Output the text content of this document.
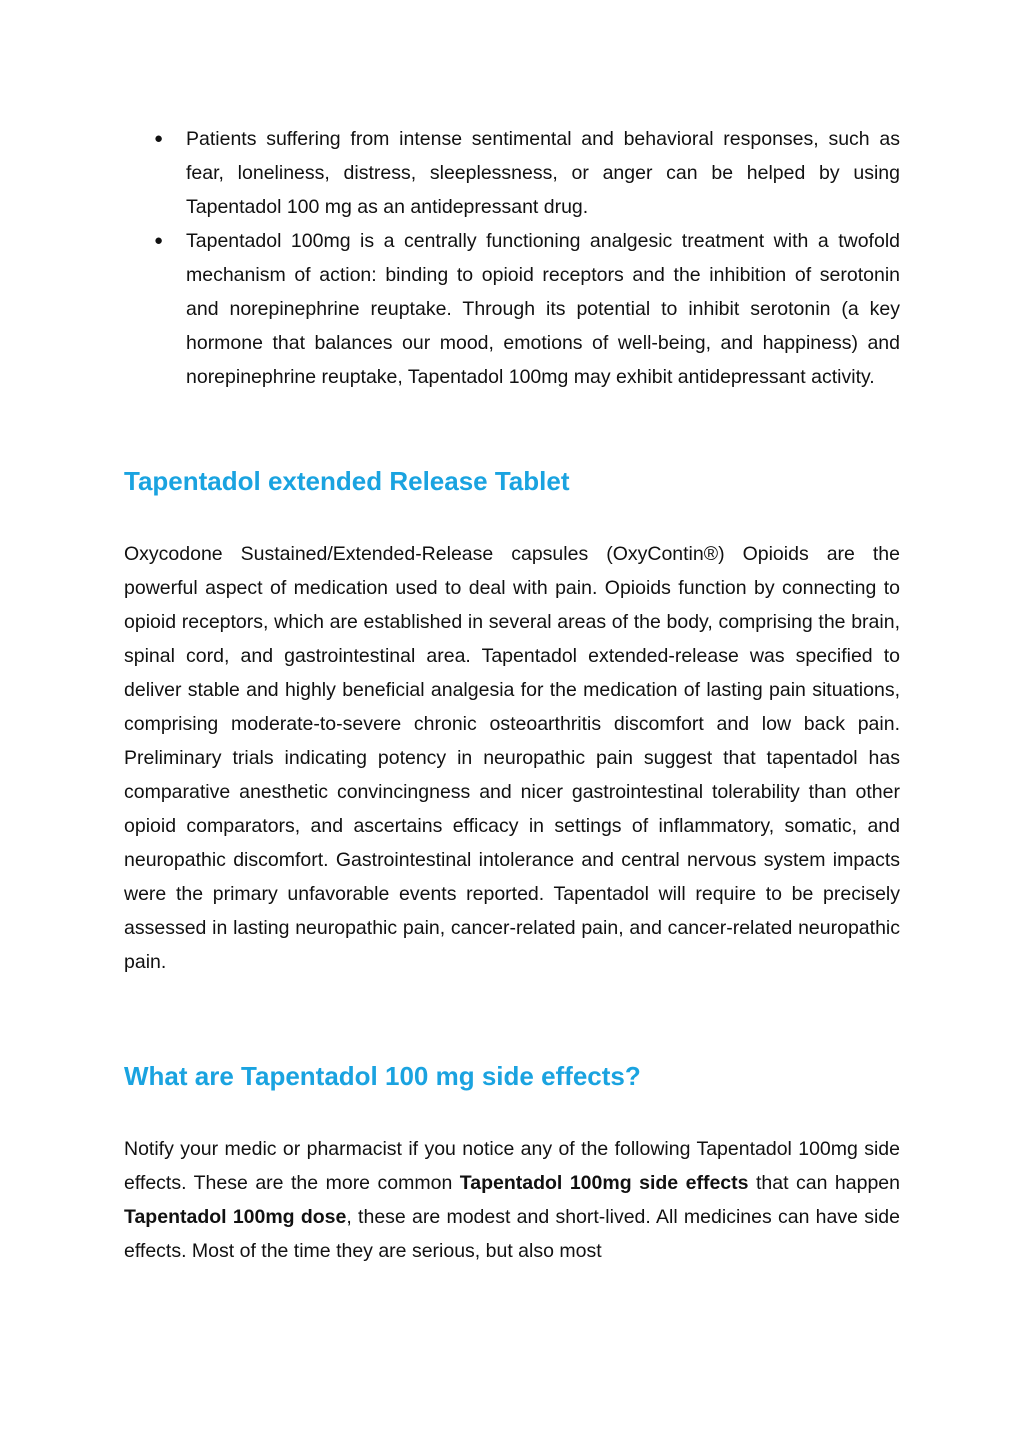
● Patients suffering from intense sentimental and behavioral responses, such as fear, loneliness, distress, sleeplessness, or anger can be helped by using Tapentadol 100 mg as an antidepressant drug.
● Tapentadol 100mg is a centrally functioning analgesic treatment with a twofold mechanism of action: binding to opioid receptors and the inhibition of serotonin and norepinephrine reuptake. Through its potential to inhibit serotonin (a key hormone that balances our mood, emotions of well-being, and happiness) and norepinephrine reuptake, Tapentadol 100mg may exhibit antidepressant activity.
Tapentadol extended Release Tablet

Oxycodone Sustained/Extended-Release capsules (OxyContin®) Opioids are the powerful aspect of medication used to deal with pain. Opioids function by connecting to opioid receptors, which are established in several areas of the body, comprising the brain, spinal cord, and gastrointestinal area. Tapentadol extended-release was specified to deliver stable and highly beneficial analgesia for the medication of lasting pain situations, comprising moderate-to-severe chronic osteoarthritis discomfort and low back pain. Preliminary trials indicating potency in neuropathic pain suggest that tapentadol has comparative anesthetic convincingness and nicer gastrointestinal tolerability than other opioid comparators, and ascertains efficacy in settings of inflammatory, somatic, and neuropathic discomfort. Gastrointestinal intolerance and central nervous system impacts were the primary unfavorable events reported. Tapentadol will require to be precisely assessed in lasting neuropathic pain, cancer-related pain, and cancer-related neuropathic pain.

What are Tapentadol 100 mg side effects?

Notify your medic or pharmacist if you notice any of the following Tapentadol 100mg side effects. These are the more common Tapentadol 100mg side effects that can happen Tapentadol 100mg dose, these are modest and short-lived. All medicines can have side effects. Most of the time they are serious, but also most
